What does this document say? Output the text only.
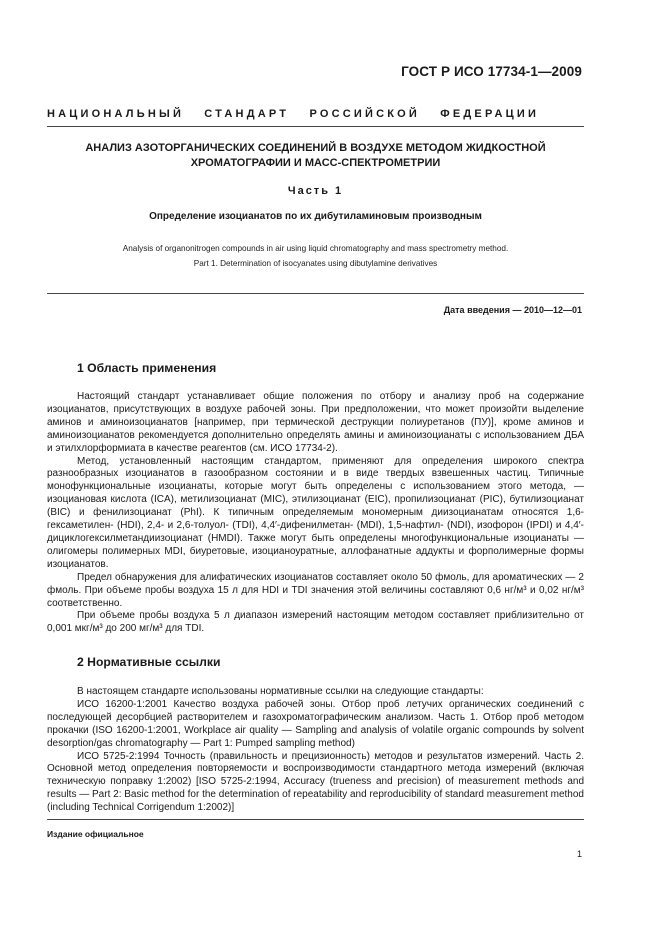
ГОСТ Р ИСО 17734-1—2009
НАЦИОНАЛЬНЫЙ СТАНДАРТ РОССИЙСКОЙ ФЕДЕРАЦИИ
АНАЛИЗ АЗОТОРГАНИЧЕСКИХ СОЕДИНЕНИЙ В ВОЗДУХЕ МЕТОДОМ ЖИДКОСТНОЙ
ХРОМАТОГРАФИИ И МАСС-СПЕКТРОМЕТРИИ
Часть 1
Определение изоцианатов по их дибутиламиновым производным
Analysis of organonitrogen compounds in air using liquid chromatography and mass spectrometry method.
Part 1. Determination of isocyanates using dibutylamine derivatives
Дата введения — 2010—12—01
1 Область применения

Настоящий стандарт устанавливает общие положения по отбору и анализу проб на содержание изоцианатов, присутствующих в воздухе рабочей зоны. При предположении, что может произойти выделение аминов и аминоизоцианатов [например, при термической деструкции полиуретанов (ПУ)], кроме аминов и аминоизоцианатов рекомендуется дополнительно определять амины и аминоизоцианаты с использованием ДБА и этилхлорформиата в качестве реагентов (см. ИСО 17734-2).

Метод, установленный настоящим стандартом, применяют для определения широкого спектра разнообразных изоцианатов в газообразном состоянии и в виде твердых взвешенных частиц. Типичные монофункциональные изоцианаты, которые могут быть определены с использованием этого метода, — изоциановая кислота (ICA), метилизоцианат (MIC), этилизоцианат (EIC), пропилизоцианат (PIC), бутилизоцианат (BIC) и фенилизоцианат (PhI). К типичным определяемым мономерным диизоцианатам относятся 1,6-гексаметилен- (HDI), 2,4- и 2,6-толуол- (TDI), 4,4′-дифенилметан- (MDI), 1,5-нафтил- (NDI), изофорон (IPDI) и 4,4′-дициклогексилметандиизоцианат (HMDI). Также могут быть определены многофункциональные изоцианаты — олигомеры полимерных MDI, биуретовые, изоцианоуратные, аллофанатные аддукты и форполимерные формы изоцианатов.

Предел обнаружения для алифатических изоцианатов составляет около 50 фмоль, для ароматических — 2 фмоль. При объеме пробы воздуха 15 л для HDI и TDI значения этой величины составляют 0,6 нг/м³ и 0,02 нг/м³ соответственно.

При объеме пробы воздуха 5 л диапазон измерений настоящим методом составляет приблизительно от 0,001 мкг/м³ до 200 мг/м³ для TDI.

2 Нормативные ссылки

В настоящем стандарте использованы нормативные ссылки на следующие стандарты:

ИСО 16200-1:2001 Качество воздуха рабочей зоны. Отбор проб летучих органических соединений с последующей десорбцией растворителем и газохроматографическим анализом. Часть 1. Отбор проб методом прокачки (ISO 16200-1:2001, Workplace air quality — Sampling and analysis of volatile organic compounds by solvent desorption/gas chromatography — Part 1: Pumped sampling method)

ИСО 5725-2:1994 Точность (правильность и прецизионность) методов и результатов измерений. Часть 2. Основной метод определения повторяемости и воспроизводимости стандартного метода измерений (включая техническую поправку 1:2002) [ISO 5725-2:1994, Accuracy (trueness and precision) of measurement methods and results — Part 2: Basic method for the determination of repeatability and reproducibility of standard measurement method (including Technical Corrigendum 1:2002)]

Издание официальное
1
